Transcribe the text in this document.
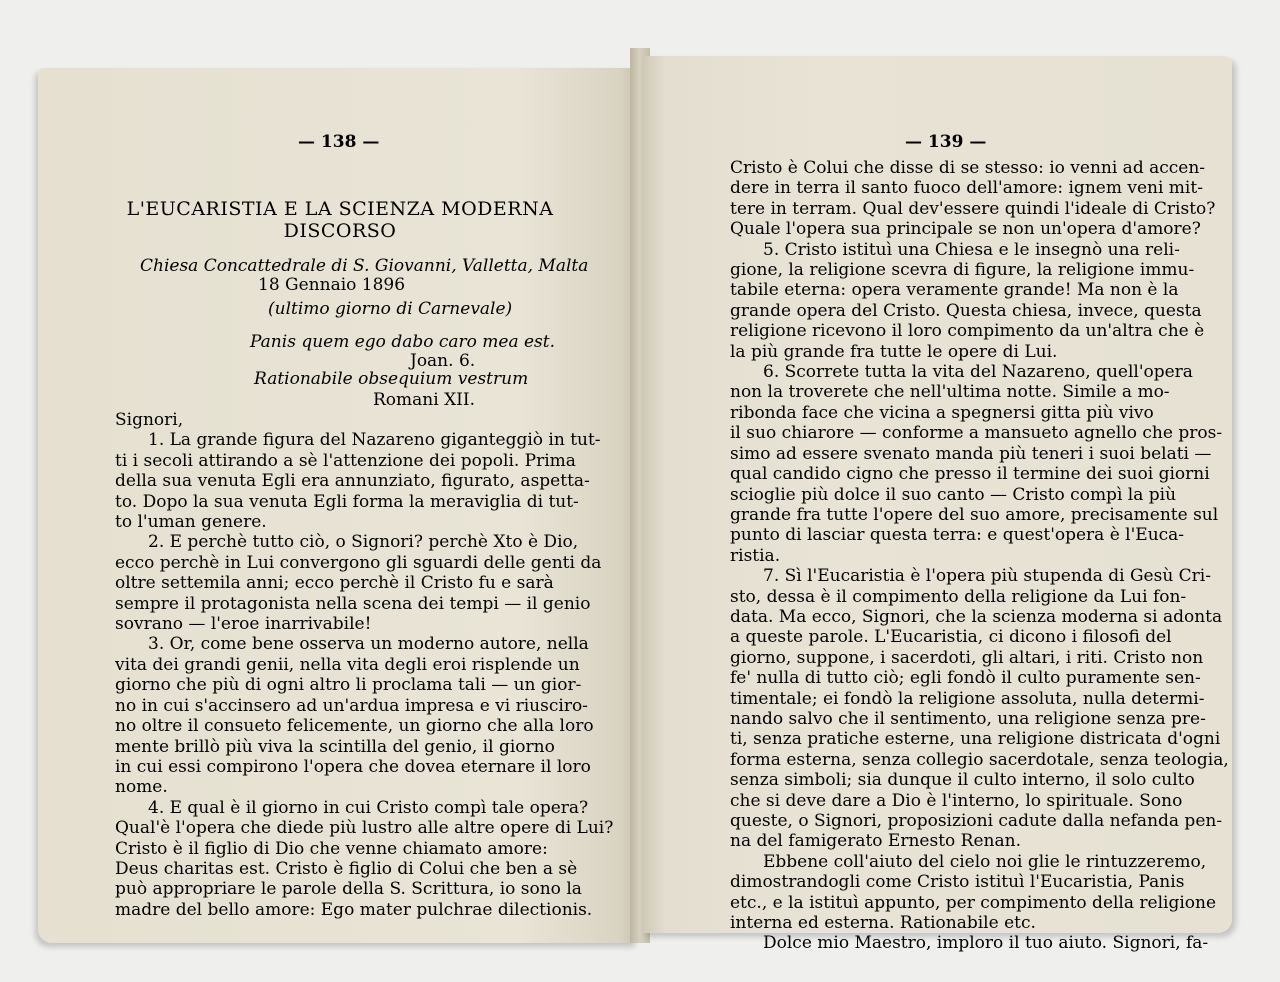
— 138 —
L'EUCARISTIA E LA SCIENZA MODERNA
DISCORSO
Chiesa Concattedrale di S. Giovanni, Valletta, Malta
18 Gennaio 1896
(ultimo giorno di Carnevale)
Panis quem ego dabo caro mea est.
Joan. 6.
Rationabile obsequium vestrum
Romani XII.
Signori,
1. La grande figura del Nazareno giganteggiò in tut-
ti i secoli attirando a sè l'attenzione dei popoli. Prima
della sua venuta Egli era annunziato, figurato, aspetta-
to. Dopo la sua venuta Egli forma la meraviglia di tut-
to l'uman genere.
2. E perchè tutto ciò, o Signori? perchè Xto è Dio,
ecco perchè in Lui convergono gli sguardi delle genti da
oltre settemila anni; ecco perchè il Cristo fu e sarà
sempre il protagonista nella scena dei tempi — il genio
sovrano — l'eroe inarrivabile!
3. Or, come bene osserva un moderno autore, nella
vita dei grandi genii, nella vita degli eroi risplende un
giorno che più di ogni altro li proclama tali — un gior-
no in cui s'accinsero ad un'ardua impresa e vi riusciro-
no oltre il consueto felicemente, un giorno che alla loro
mente brillò più viva la scintilla del genio, il giorno
in cui essi compirono l'opera che dovea eternare il loro
nome.
4. E qual è il giorno in cui Cristo compì tale opera?
Qual'è l'opera che diede più lustro alle altre opere di Lui?
Cristo è il figlio di Dio che venne chiamato amore:
Deus charitas est. Cristo è figlio di Colui che ben a sè
può appropriare le parole della S. Scrittura, io sono la
madre del bello amore: Ego mater pulchrae dilectionis.
— 139 —
Cristo è Colui che disse di se stesso: io venni ad accen-
dere in terra il santo fuoco dell'amore: ignem veni mit-
tere in terram. Qual dev'essere quindi l'ideale di Cristo?
Quale l'opera sua principale se non un'opera d'amore?
5. Cristo istituì una Chiesa e le insegnò una reli-
gione, la religione scevra di figure, la religione immu-
tabile eterna: opera veramente grande! Ma non è la
grande opera del Cristo. Questa chiesa, invece, questa
religione ricevono il loro compimento da un'altra che è
la più grande fra tutte le opere di Lui.
6. Scorrete tutta la vita del Nazareno, quell'opera
non la troverete che nell'ultima notte. Simile a mo-
ribonda face che vicina a spegnersi gitta più vivo
il suo chiarore — conforme a mansueto agnello che pros-
simo ad essere svenato manda più teneri i suoi belati —
qual candido cigno che presso il termine dei suoi giorni
sciogliе più dolce il suo canto — Cristo compì la più
grande fra tutte l'opere del suo amore, precisamente sul
punto di lasciar questa terra: e quest'opera è l'Euca-
ristia.
7. Sì l'Eucaristia è l'opera più stupenda di Gesù Cri-
sto, dessa è il compimento della religione da Lui fon-
data. Ma ecco, Signori, che la scienza moderna si adonta
a queste parole. L'Eucaristia, ci dicono i filosofi del
giorno, suppone, i sacerdoti, gli altari, i riti. Cristo non
fe' nulla di tutto ciò; egli fondò il culto puramente sen-
timentale; ei fondò la religione assoluta, nulla determi-
nando salvo che il sentimento, una religione senza pre-
ti, senza pratiche esterne, una religione districata d'ogni
forma esterna, senza collegio sacerdotale, senza teologia,
senza simboli; sia dunque il culto interno, il solo culto
che si deve dare a Dio è l'interno, lo spirituale. Sono
queste, o Signori, proposizioni cadute dalla nefanda pen-
na del famigerato Ernesto Renan.
Ebbene coll'aiuto del cielo noi glie le rintuzzeremo,
dimostrandogli come Cristo istituì l'Eucaristia, Panis
etc., e la istituì appunto, per compimento della religione
interna ed esterna. Rationabile etc.
Dolce mio Maestro, imploro il tuo aiuto. Signori, fa-
